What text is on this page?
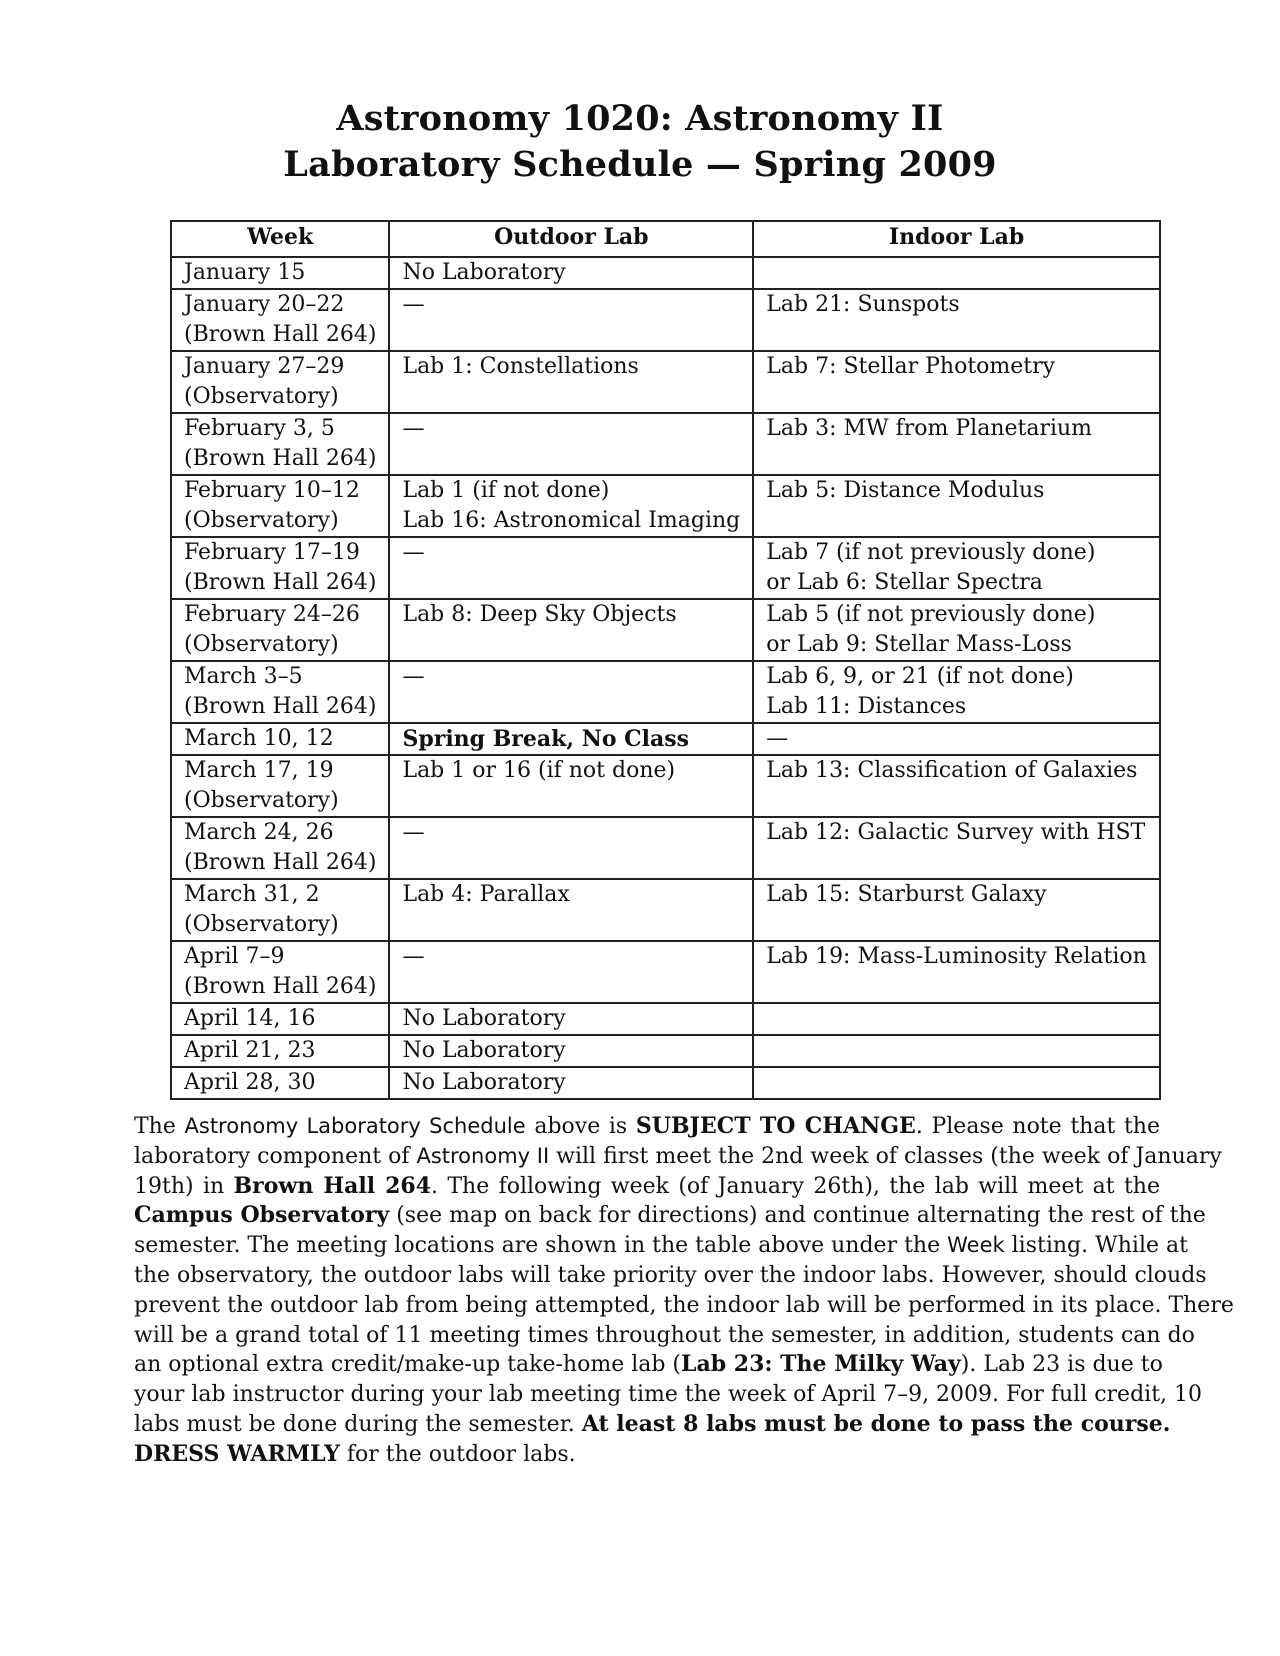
Astronomy 1020: Astronomy II
Laboratory Schedule — Spring 2009
Week	Outdoor Lab	Indoor Lab

January 15	No Laboratory	

January 20–22
(Brown Hall 264)	—	Lab 21: Sunspots

January 27–29
(Observatory)	Lab 1: Constellations	Lab 7: Stellar Photometry

February 3, 5
(Brown Hall 264)	—	Lab 3: MW from Planetarium

February 10–12
(Observatory)	Lab 1 (if not done)
Lab 16: Astronomical Imaging	Lab 5: Distance Modulus

February 17–19
(Brown Hall 264)	—	Lab 7 (if not previously done)
or Lab 6: Stellar Spectra

February 24–26
(Observatory)	Lab 8: Deep Sky Objects	Lab 5 (if not previously done)
or Lab 9: Stellar Mass-Loss

March 3–5
(Brown Hall 264)	—	Lab 6, 9, or 21 (if not done)
Lab 11: Distances

March 10, 12	Spring Break, No Class	—

March 17, 19
(Observatory)	Lab 1 or 16 (if not done)	Lab 13: Classification of Galaxies

March 24, 26
(Brown Hall 264)	—	Lab 12: Galactic Survey with HST

March 31, 2
(Observatory)	Lab 4: Parallax	Lab 15: Starburst Galaxy

April 7–9
(Brown Hall 264)	—	Lab 19: Mass-Luminosity Relation

April 14, 16	No Laboratory	

April 21, 23	No Laboratory	

April 28, 30	No Laboratory	

The Astronomy Laboratory Schedule above is SUBJECT TO CHANGE. Please note that the
laboratory component of Astronomy II will first meet the 2nd week of classes (the week of January
19th) in Brown Hall 264. The following week (of January 26th), the lab will meet at the
Campus Observatory (see map on back for directions) and continue alternating the rest of the
semester. The meeting locations are shown in the table above under the Week listing. While at
the observatory, the outdoor labs will take priority over the indoor labs. However, should clouds
prevent the outdoor lab from being attempted, the indoor lab will be performed in its place. There
will be a grand total of 11 meeting times throughout the semester, in addition, students can do
an optional extra credit/make-up take-home lab (Lab 23: The Milky Way). Lab 23 is due to
your lab instructor during your lab meeting time the week of April 7–9, 2009. For full credit, 10
labs must be done during the semester. At least 8 labs must be done to pass the course.
DRESS WARMLY for the outdoor labs.
